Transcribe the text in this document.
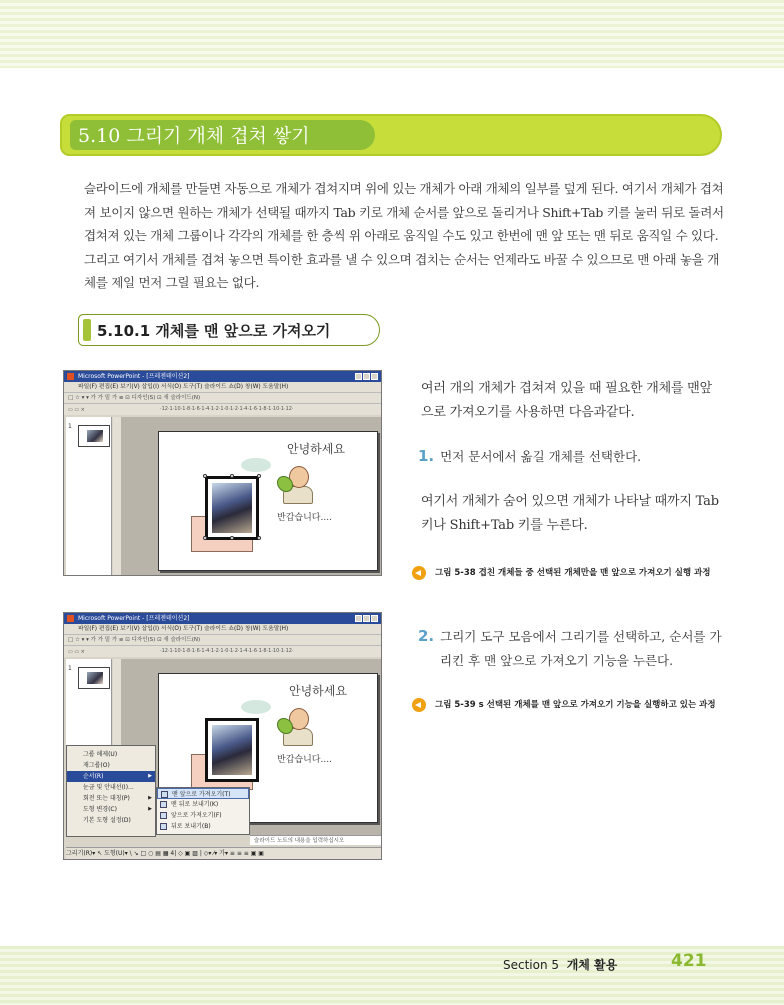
5.10 그리기 개체 겹쳐 쌓기

슬라이드에 개체를 만들면 자동으로 개체가 겹쳐지며 위에 있는 개체가 아래 개체의 일부를 덮게 된다. 여기서 개체가 겹쳐져 보이지 않으면 원하는 개체가 선택될 때까지 Tab 키로 개체 순서를 앞으로 돌리거나 Shift+Tab 키를 눌러 뒤로 돌려서 겹쳐져 있는 개체 그룹이나 각각의 개체를 한 층씩 위 아래로 움직일 수도 있고 한번에 맨 앞 또는 맨 뒤로 움직일 수 있다. 그리고 여기서 개체를 겹쳐 놓으면 특이한 효과를 낼 수 있으며 겹치는 순서는 언제라도 바꿀 수 있으므로 맨 아래 놓을 개체를 제일 먼저 그릴 필요는 없다.

5.10.1 개체를 맨 앞으로 가져오기
Microsoft PowerPoint - [프레젠테이션2]
파일(F) 편집(E) 보기(V) 삽입(I) 서식(O) 도구(T) 슬라이드 쇼(D) 창(W) 도움말(H)
□ ☆ ▾ ▾ 가 가 밑 가 ≡ ⊡ 디자인(S) ⊡ 새 슬라이드(N)
▭ ▭ ×	·12·1·10·1·8·1·6·1·4·1·2·1·0·1·2·1·4·1·6·1·8·1·10·1·12·
1
안녕하세요
반갑습니다....
Microsoft PowerPoint - [프레젠테이션2]
파일(F) 편집(E) 보기(V) 삽입(I) 서식(O) 도구(T) 슬라이드 쇼(D) 창(W) 도움말(H)
□ ☆ ▾ ▾ 가 가 밑 가 ≡ ⊡ 디자인(S) ⊡ 새 슬라이드(N)
▭ ▭ ×	·12·1·10·1·8·1·6·1·4·1·2·1·0·1·2·1·4·1·6·1·8·1·10·1·12·
1
안녕하세요
반갑습니다....
그룹 해제(U)
재그룹(O)
순서(R)	▶
눈금 및 안내선(I)...
회전 또는 대칭(P)	▶
도형 변경(C)	▶
기본 도형 설정(D)
맨 앞으로 가져오기(T)
맨 뒤로 보내기(K)
앞으로 가져오기(F)
뒤로 보내기(B)
슬라이드 노트의 내용을 입력하십시오
그리기(R)▾ ↖ 도형(U)▾ \ ↘ □ ○ ▤ ▦ 4| ◇ ▣ ▨ | ◇▾ ⁄▾ 가▾ ≡ ≡ ≡ ▣ ▣

여러 개의 개체가 겹쳐져 있을 때 필요한 개체를 맨앞으로 가져오기를 사용하면 다음과같다.

1. 먼저 문서에서 옮길 개체를 선택한다.

여기서 개체가 숨어 있으면 개체가 나타날 때까지 Tab 키나 Shift+Tab 키를 누른다.

그림 5-38 겹친 개체들 중 선택된 개체만을 맨 앞으로 가져오기 실행 과정

2. 그리기 도구 모음에서 그리기를 선택하고, 순서를 가리킨 후 맨 앞으로 가져오기 기능을 누른다.

그림 5-39 s 선택된 개체를 맨 앞으로 가져오기 기능을 실행하고 있는 과정

Section 5 개체 활용	421
